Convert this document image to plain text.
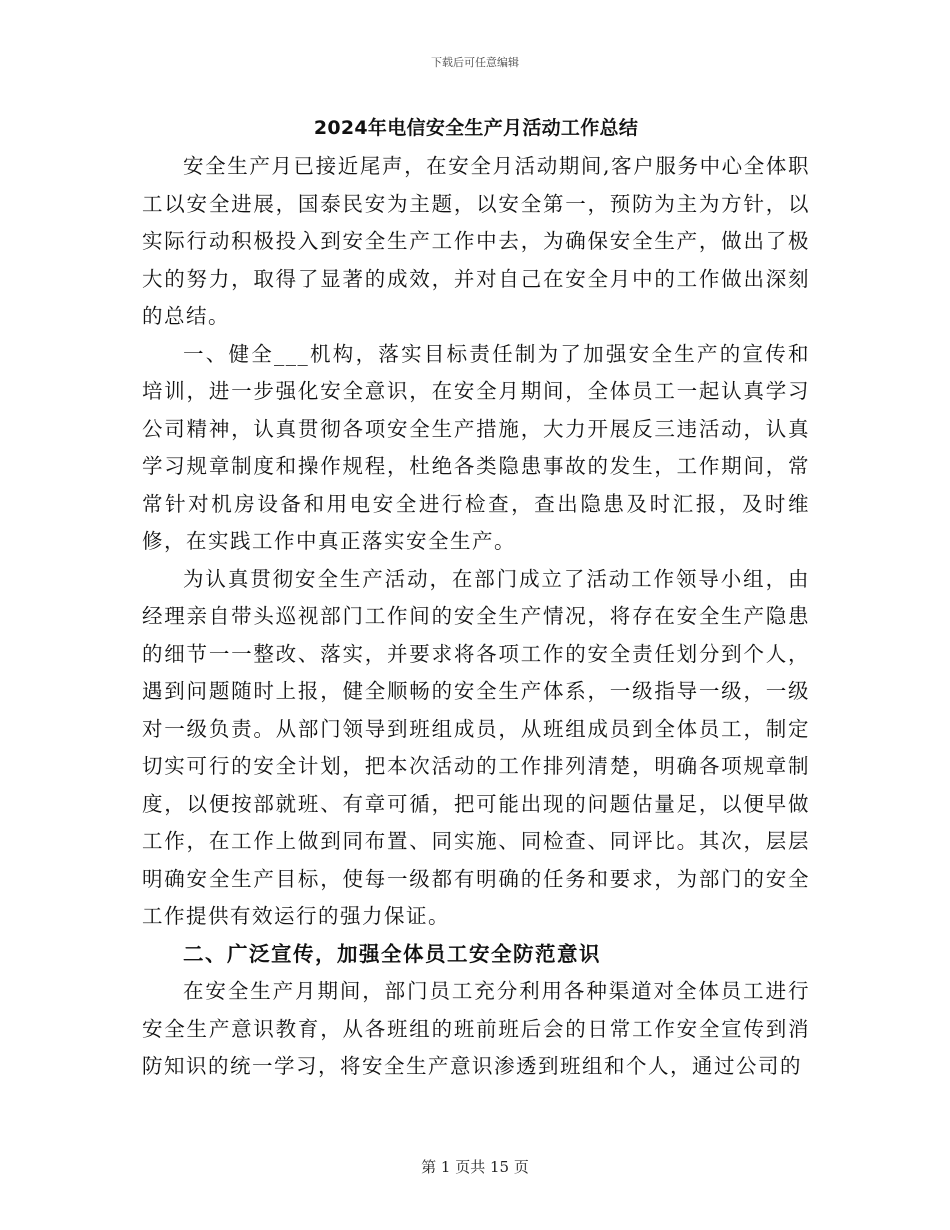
下载后可任意编辑
2024年电信安全生产月活动工作总结

安全生产月已接近尾声，在安全月活动期间,客户服务中心全体职工以安全进展，国泰民安为主题，以安全第一，预防为主为方针，以实际行动积极投入到安全生产工作中去，为确保安全生产，做出了极大的努力，取得了显著的成效，并对自己在安全月中的工作做出深刻的总结。

一、健全___机构，落实目标责任制为了加强安全生产的宣传和培训，进一步强化安全意识，在安全月期间，全体员工一起认真学习公司精神，认真贯彻各项安全生产措施，大力开展反三违活动，认真学习规章制度和操作规程，杜绝各类隐患事故的发生，工作期间，常常针对机房设备和用电安全进行检查，查出隐患及时汇报，及时维修，在实践工作中真正落实安全生产。

为认真贯彻安全生产活动，在部门成立了活动工作领导小组，由经理亲自带头巡视部门工作间的安全生产情况，将存在安全生产隐患的细节一一整改、落实，并要求将各项工作的安全责任划分到个人，遇到问题随时上报，健全顺畅的安全生产体系，一级指导一级，一级对一级负责。从部门领导到班组成员，从班组成员到全体员工，制定切实可行的安全计划，把本次活动的工作排列清楚，明确各项规章制度，以便按部就班、有章可循，把可能出现的问题估量足，以便早做工作，在工作上做到同布置、同实施、同检查、同评比。其次，层层明确安全生产目标，使每一级都有明确的任务和要求，为部门的安全工作提供有效运行的强力保证。

二、广泛宣传，加强全体员工安全防范意识

在安全生产月期间，部门员工充分利用各种渠道对全体员工进行安全生产意识教育，从各班组的班前班后会的日常工作安全宣传到消防知识的统一学习，将安全生产意识渗透到班组和个人，通过公司的

第 1 页共 15 页
